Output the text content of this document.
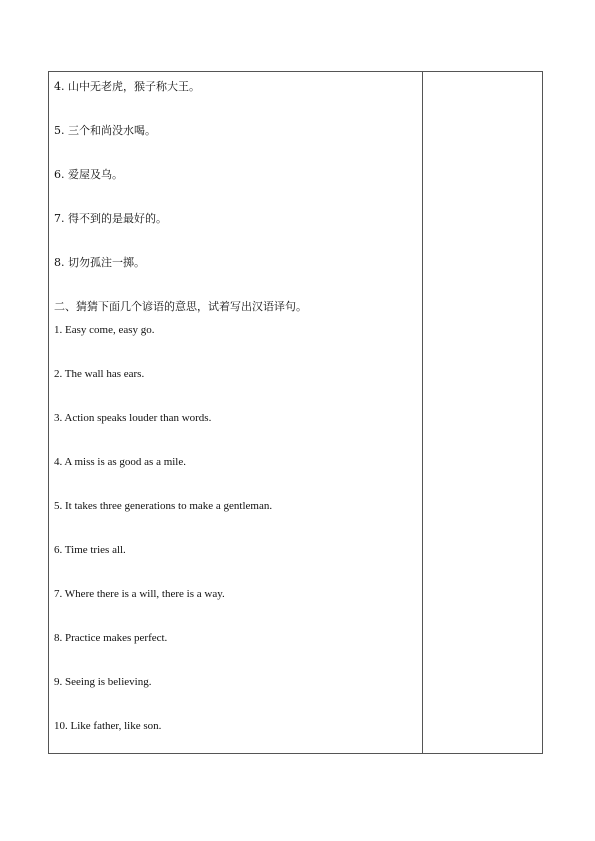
4. 山中无老虎，猴子称大王。
5. 三个和尚没水喝。
6. 爱屋及乌。
7. 得不到的是最好的。
8. 切勿孤注一掷。
二、猜猜下面几个谚语的意思，试着写出汉语译句。
1. Easy come, easy go.
2. The wall has ears.
3. Action speaks louder than words.
4. A miss is as good as a mile.
5. It takes three generations to make a gentleman.
6. Time tries all.
7. Where there is a will, there is a way.
8. Practice makes perfect.
9. Seeing is believing.
10. Like father, like son.
